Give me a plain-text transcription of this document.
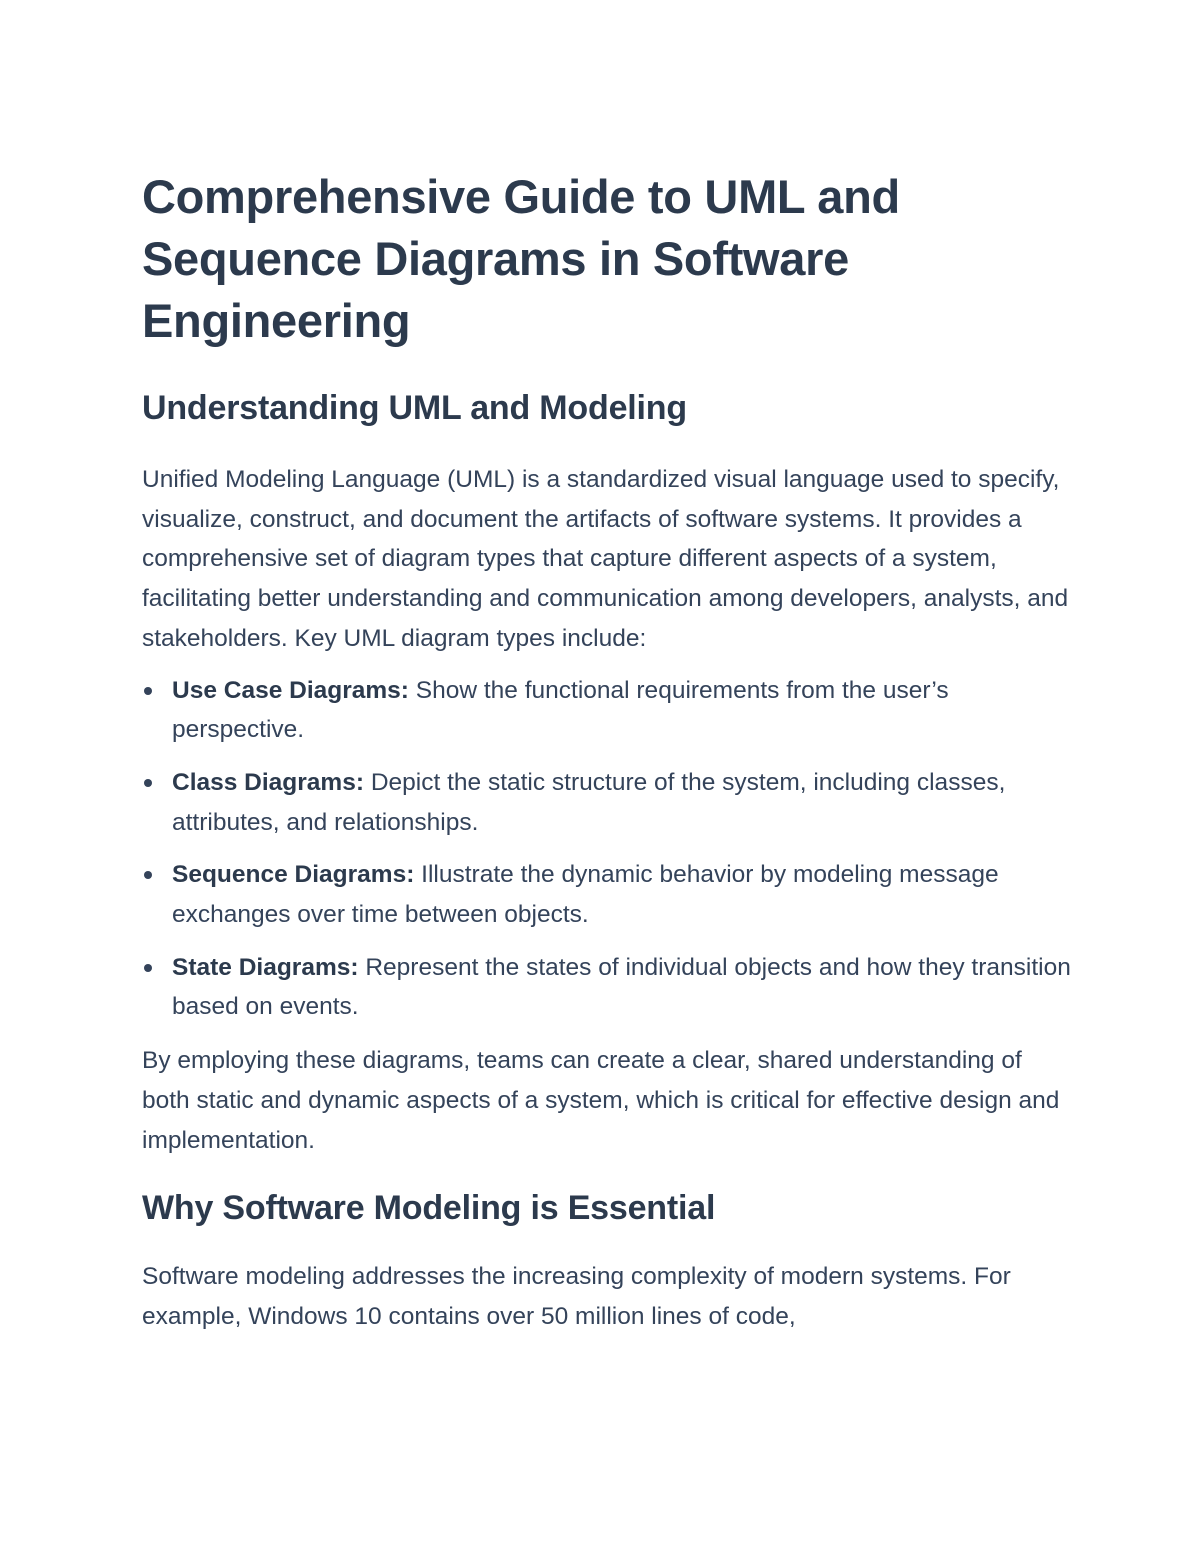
Comprehensive Guide to UML and Sequence Diagrams in Software Engineering
Understanding UML and Modeling

Unified Modeling Language (UML) is a standardized visual language used to specify, visualize, construct, and document the artifacts of software systems. It provides a comprehensive set of diagram types that capture different aspects of a system, facilitating better understanding and communication among developers, analysts, and stakeholders. Key UML diagram types include:

Use Case Diagrams: Show the functional requirements from the user’s perspective.
Class Diagrams: Depict the static structure of the system, including classes, attributes, and relationships.
Sequence Diagrams: Illustrate the dynamic behavior by modeling message exchanges over time between objects.
State Diagrams: Represent the states of individual objects and how they transition based on events.

By employing these diagrams, teams can create a clear, shared understanding of both static and dynamic aspects of a system, which is critical for effective design and implementation.

Why Software Modeling is Essential

Software modeling addresses the increasing complexity of modern systems. For example, Windows 10 contains over 50 million lines of code,
